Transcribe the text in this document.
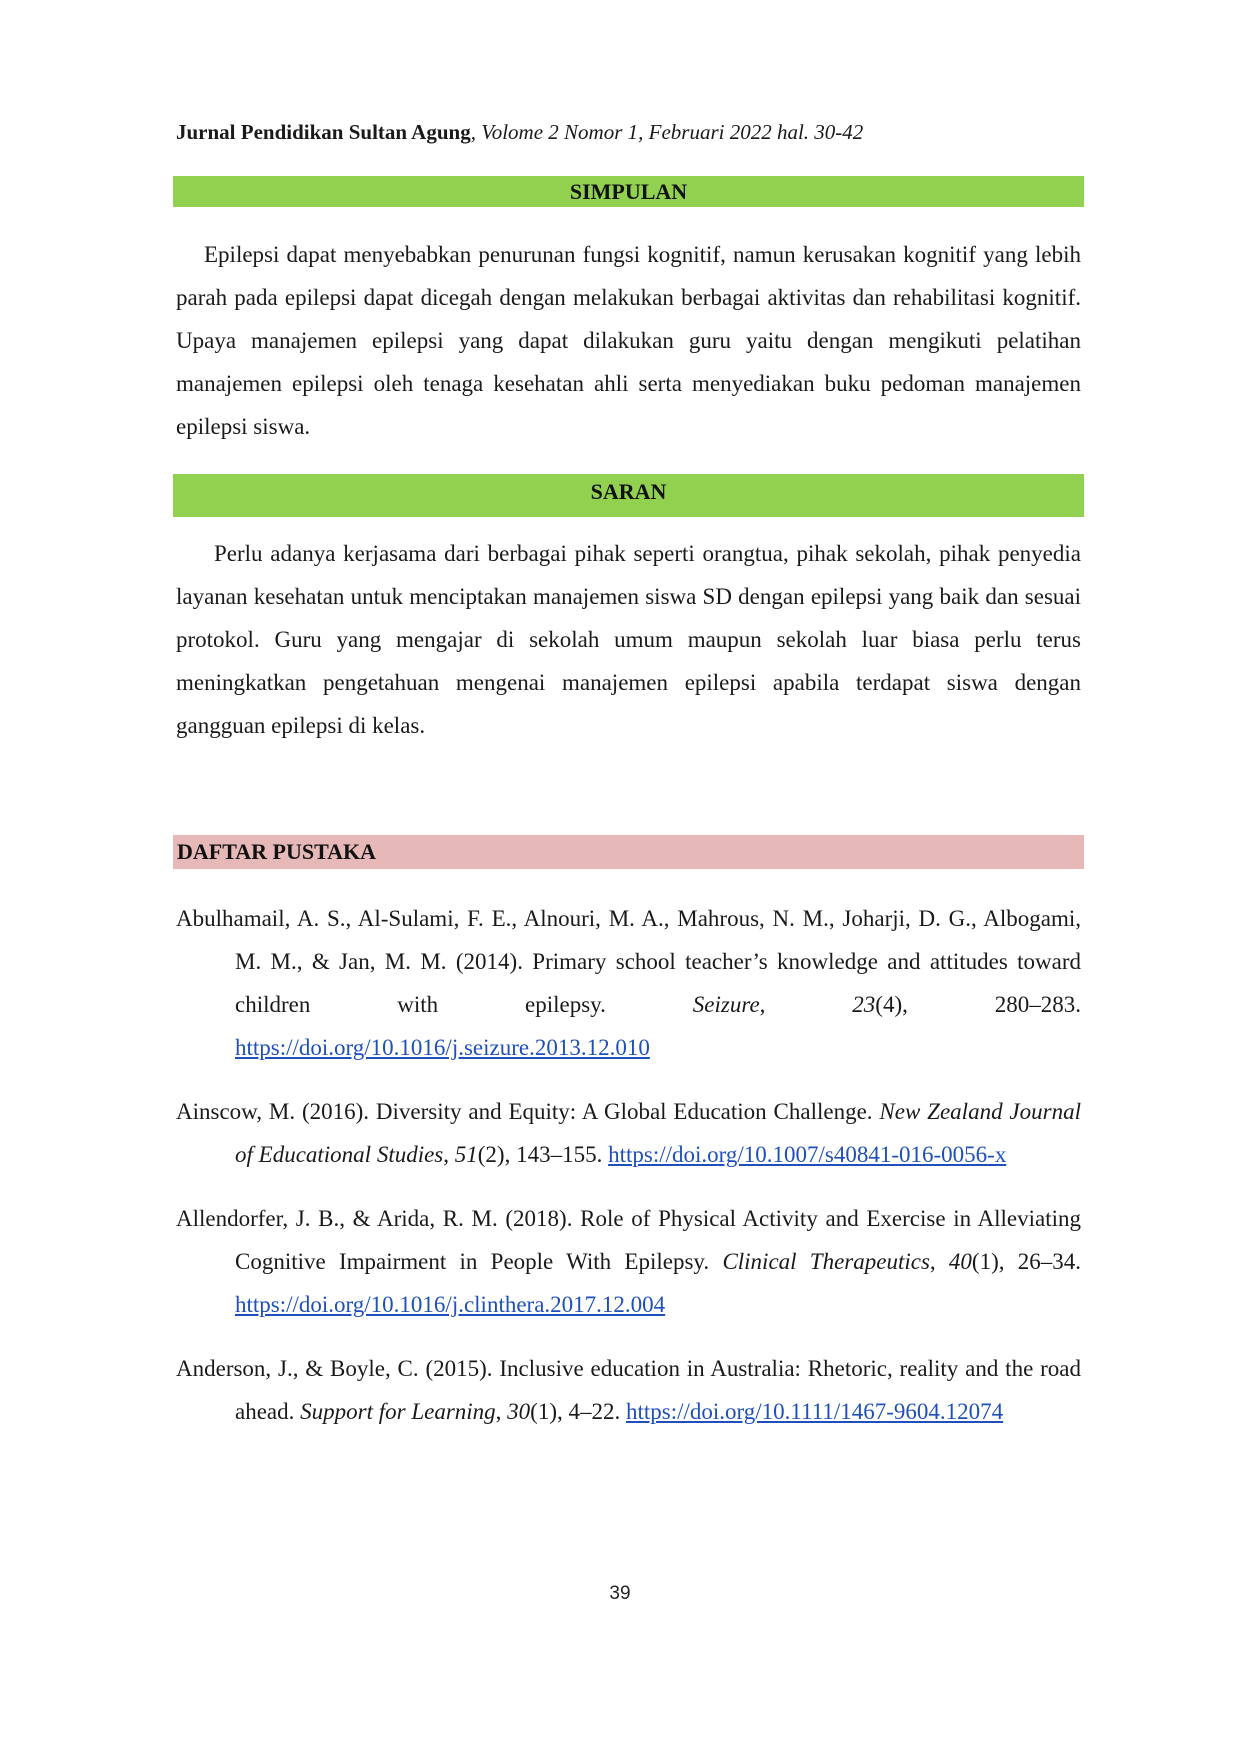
Jurnal Pendidikan Sultan Agung, Volome 2 Nomor 1, Februari 2022 hal. 30-42
SIMPULAN

Epilepsi dapat menyebabkan penurunan fungsi kognitif, namun kerusakan kognitif yang lebih parah pada epilepsi dapat dicegah dengan melakukan berbagai aktivitas dan rehabilitasi kognitif. Upaya manajemen epilepsi yang dapat dilakukan guru yaitu dengan mengikuti pelatihan manajemen epilepsi oleh tenaga kesehatan ahli serta menyediakan buku pedoman manajemen epilepsi siswa.

SARAN

Perlu adanya kerjasama dari berbagai pihak seperti orangtua, pihak sekolah, pihak penyedia layanan kesehatan untuk menciptakan manajemen siswa SD dengan epilepsi yang baik dan sesuai protokol. Guru yang mengajar di sekolah umum maupun sekolah luar biasa perlu terus meningkatkan pengetahuan mengenai manajemen epilepsi apabila terdapat siswa dengan gangguan epilepsi di kelas.

DAFTAR PUSTAKA
Abulhamail, A. S., Al-Sulami, F. E., Alnouri, M. A., Mahrous, N. M., Joharji, D. G., Albogami, M. M., & Jan, M. M. (2014). Primary school teacher’s knowledge and attitudes toward children with epilepsy. Seizure, 23(4), 280–283. https://doi.org/10.1016/j.seizure.2013.12.010
Ainscow, M. (2016). Diversity and Equity: A Global Education Challenge. New Zealand Journal of Educational Studies, 51(2), 143–155. https://doi.org/10.1007/s40841-016-0056-x
Allendorfer, J. B., & Arida, R. M. (2018). Role of Physical Activity and Exercise in Alleviating Cognitive Impairment in People With Epilepsy. Clinical Therapeutics, 40(1), 26–34. https://doi.org/10.1016/j.clinthera.2017.12.004
Anderson, J., & Boyle, C. (2015). Inclusive education in Australia: Rhetoric, reality and the road ahead. Support for Learning, 30(1), 4–22. https://doi.org/10.1111/1467-9604.12074
39
